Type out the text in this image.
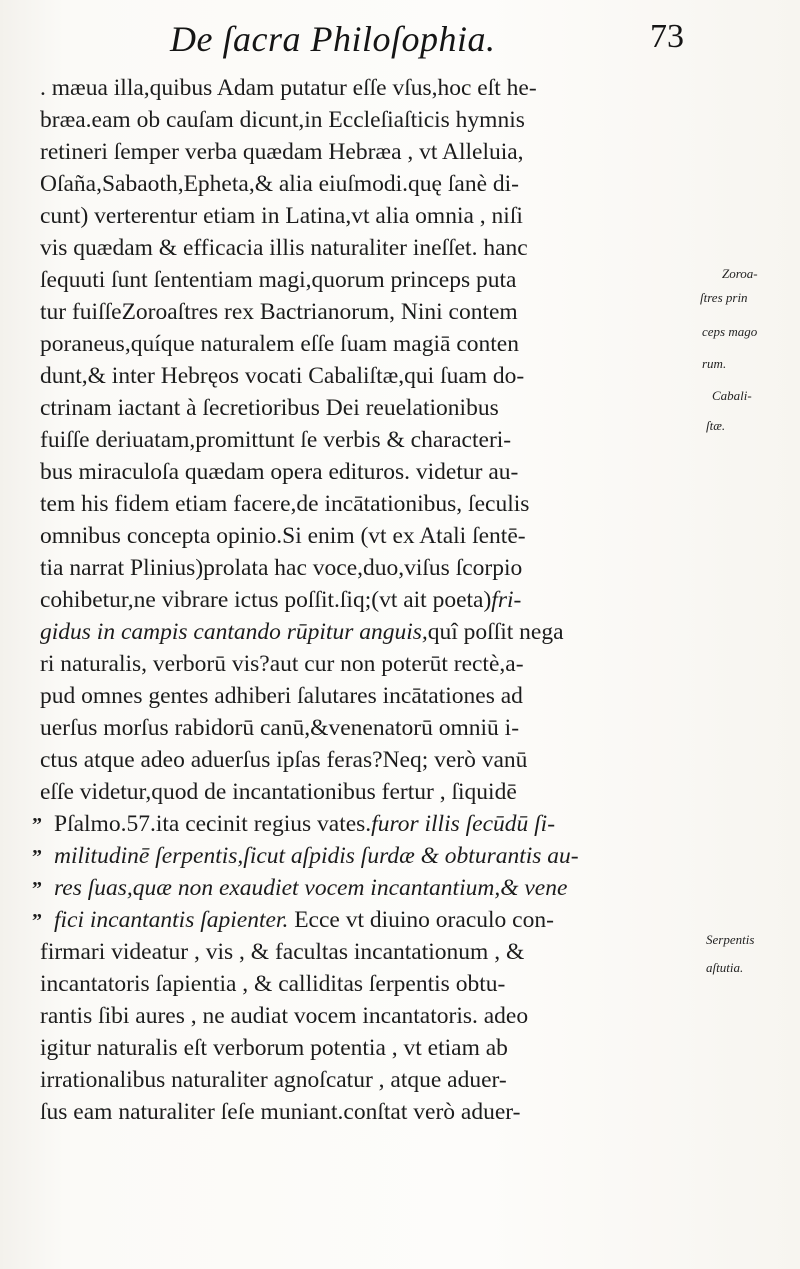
De ſacra Philoſophia.	73
. mæua illa,quibus Adam putatur eſſe vſus,hoc eſt he-
bræa.eam ob cauſam dicunt,in Eccleſiaſticis hymnis
retineri ſemper verba quædam Hebræa , vt Alleluia,
Oſaña,Sabaoth,Epheta,& alia eiuſmodi.quę ſanè di-
cunt) verterentur etiam in Latina,vt alia omnia , niſi
vis quædam & efficacia illis naturaliter ineſſet. hanc
ſequuti ſunt ſententiam magi,quorum princeps puta
tur fuiſſeZoroaſtres rex Bactrianorum, Nini contem
poraneus,quíque naturalem eſſe ſuam magiā conten
dunt,& inter Hebręos vocati Cabaliſtæ,qui ſuam do-
ctrinam iactant à ſecretioribus Dei reuelationibus
fuiſſe deriuatam,promittunt ſe verbis & characteri-
bus miraculoſa quædam opera edituros. videtur au-
tem his fidem etiam facere,de incātationibus, ſeculis
omnibus concepta opinio.Si enim (vt ex Atali ſentē-
tia narrat Plinius)prolata hac voce,duo,viſus ſcorpio
cohibetur,ne vibrare ictus poſſit.ſiq;(vt ait poeta)fri-
gidus in campis cantando rūpitur anguis,quî poſſit nega
ri naturalis, verborū vis?aut cur non poterūt rectè,a-
pud omnes gentes adhiberi ſalutares incātationes ad
uerſus morſus rabidorū canū,&venenatorū omniū i-
ctus atque adeo aduerſus ipſas feras?Neq; verò vanū
eſſe videtur,quod de incantationibus fertur , ſiquidē
” Pſalmo.57.ita cecinit regius vates.furor illis ſecūdū ſi-
” militudinē ſerpentis,ſicut aſpidis ſurdæ & obturantis au-
” res ſuas,quæ non exaudiet vocem incantantium,& vene
” fici incantantis ſapienter. Ecce vt diuino oraculo con-
firmari videatur , vis , & facultas incantationum , &
incantatoris ſapientia , & calliditas ſerpentis obtu-
rantis ſibi aures , ne audiat vocem incantatoris. adeo
igitur naturalis eſt verborum potentia , vt etiam ab
irrationalibus naturaliter agnoſcatur , atque aduer-
ſus eam naturaliter ſeſe muniant.conſtat verò aduer-
Zoroa-
ſtres prin
ceps mago
rum.
Cabali-
ſtæ.
Serpentis
aſtutia.
